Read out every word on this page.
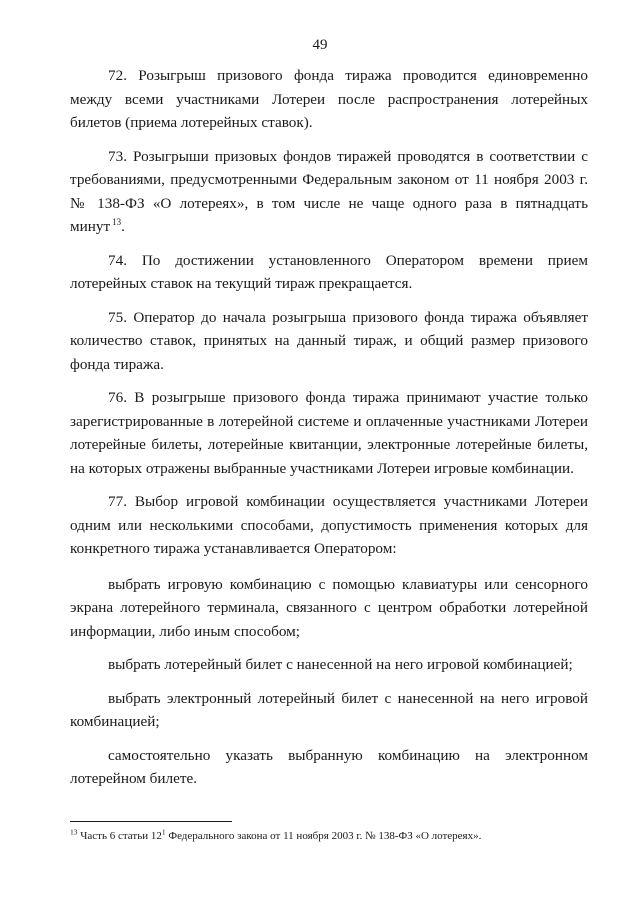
49

72. Розыгрыш призового фонда тиража проводится единовременно между всеми участниками Лотереи после распространения лотерейных билетов (приема лотерейных ставок).

73. Розыгрыши призовых фондов тиражей проводятся в соответствии с требованиями, предусмотренными Федеральным законом от 11 ноября 2003 г. № 138-ФЗ «О лотереях», в том числе не чаще одного раза в пятнадцать минут $^{13}$.

74. По достижении установленного Оператором времени прием лотерейных ставок на текущий тираж прекращается.

75. Оператор до начала розыгрыша призового фонда тиража объявляет количество ставок, принятых на данный тираж, и общий размер призового фонда тиража.

76. В розыгрыше призового фонда тиража принимают участие только зарегистрированные в лотерейной системе и оплаченные участниками Лотереи лотерейные билеты, лотерейные квитанции, электронные лотерейные билеты, на которых отражены выбранные участниками Лотереи игровые комбинации.

77. Выбор игровой комбинации осуществляется участниками Лотереи одним или несколькими способами, допустимость применения которых для конкретного тиража устанавливается Оператором:

выбрать игровую комбинацию с помощью клавиатуры или сенсорного экрана лотерейного терминала, связанного с центром обработки лотерейной информации, либо иным способом;

выбрать лотерейный билет с нанесенной на него игровой комбинацией;

выбрать электронный лотерейный билет с нанесенной на него игровой комбинацией;

самостоятельно указать выбранную комбинацию на электронном лотерейном билете.

$^{13}$ Часть 6 статьи $12^1$ Федерального закона от 11 ноября 2003 г. № 138-ФЗ «О лотереях».
